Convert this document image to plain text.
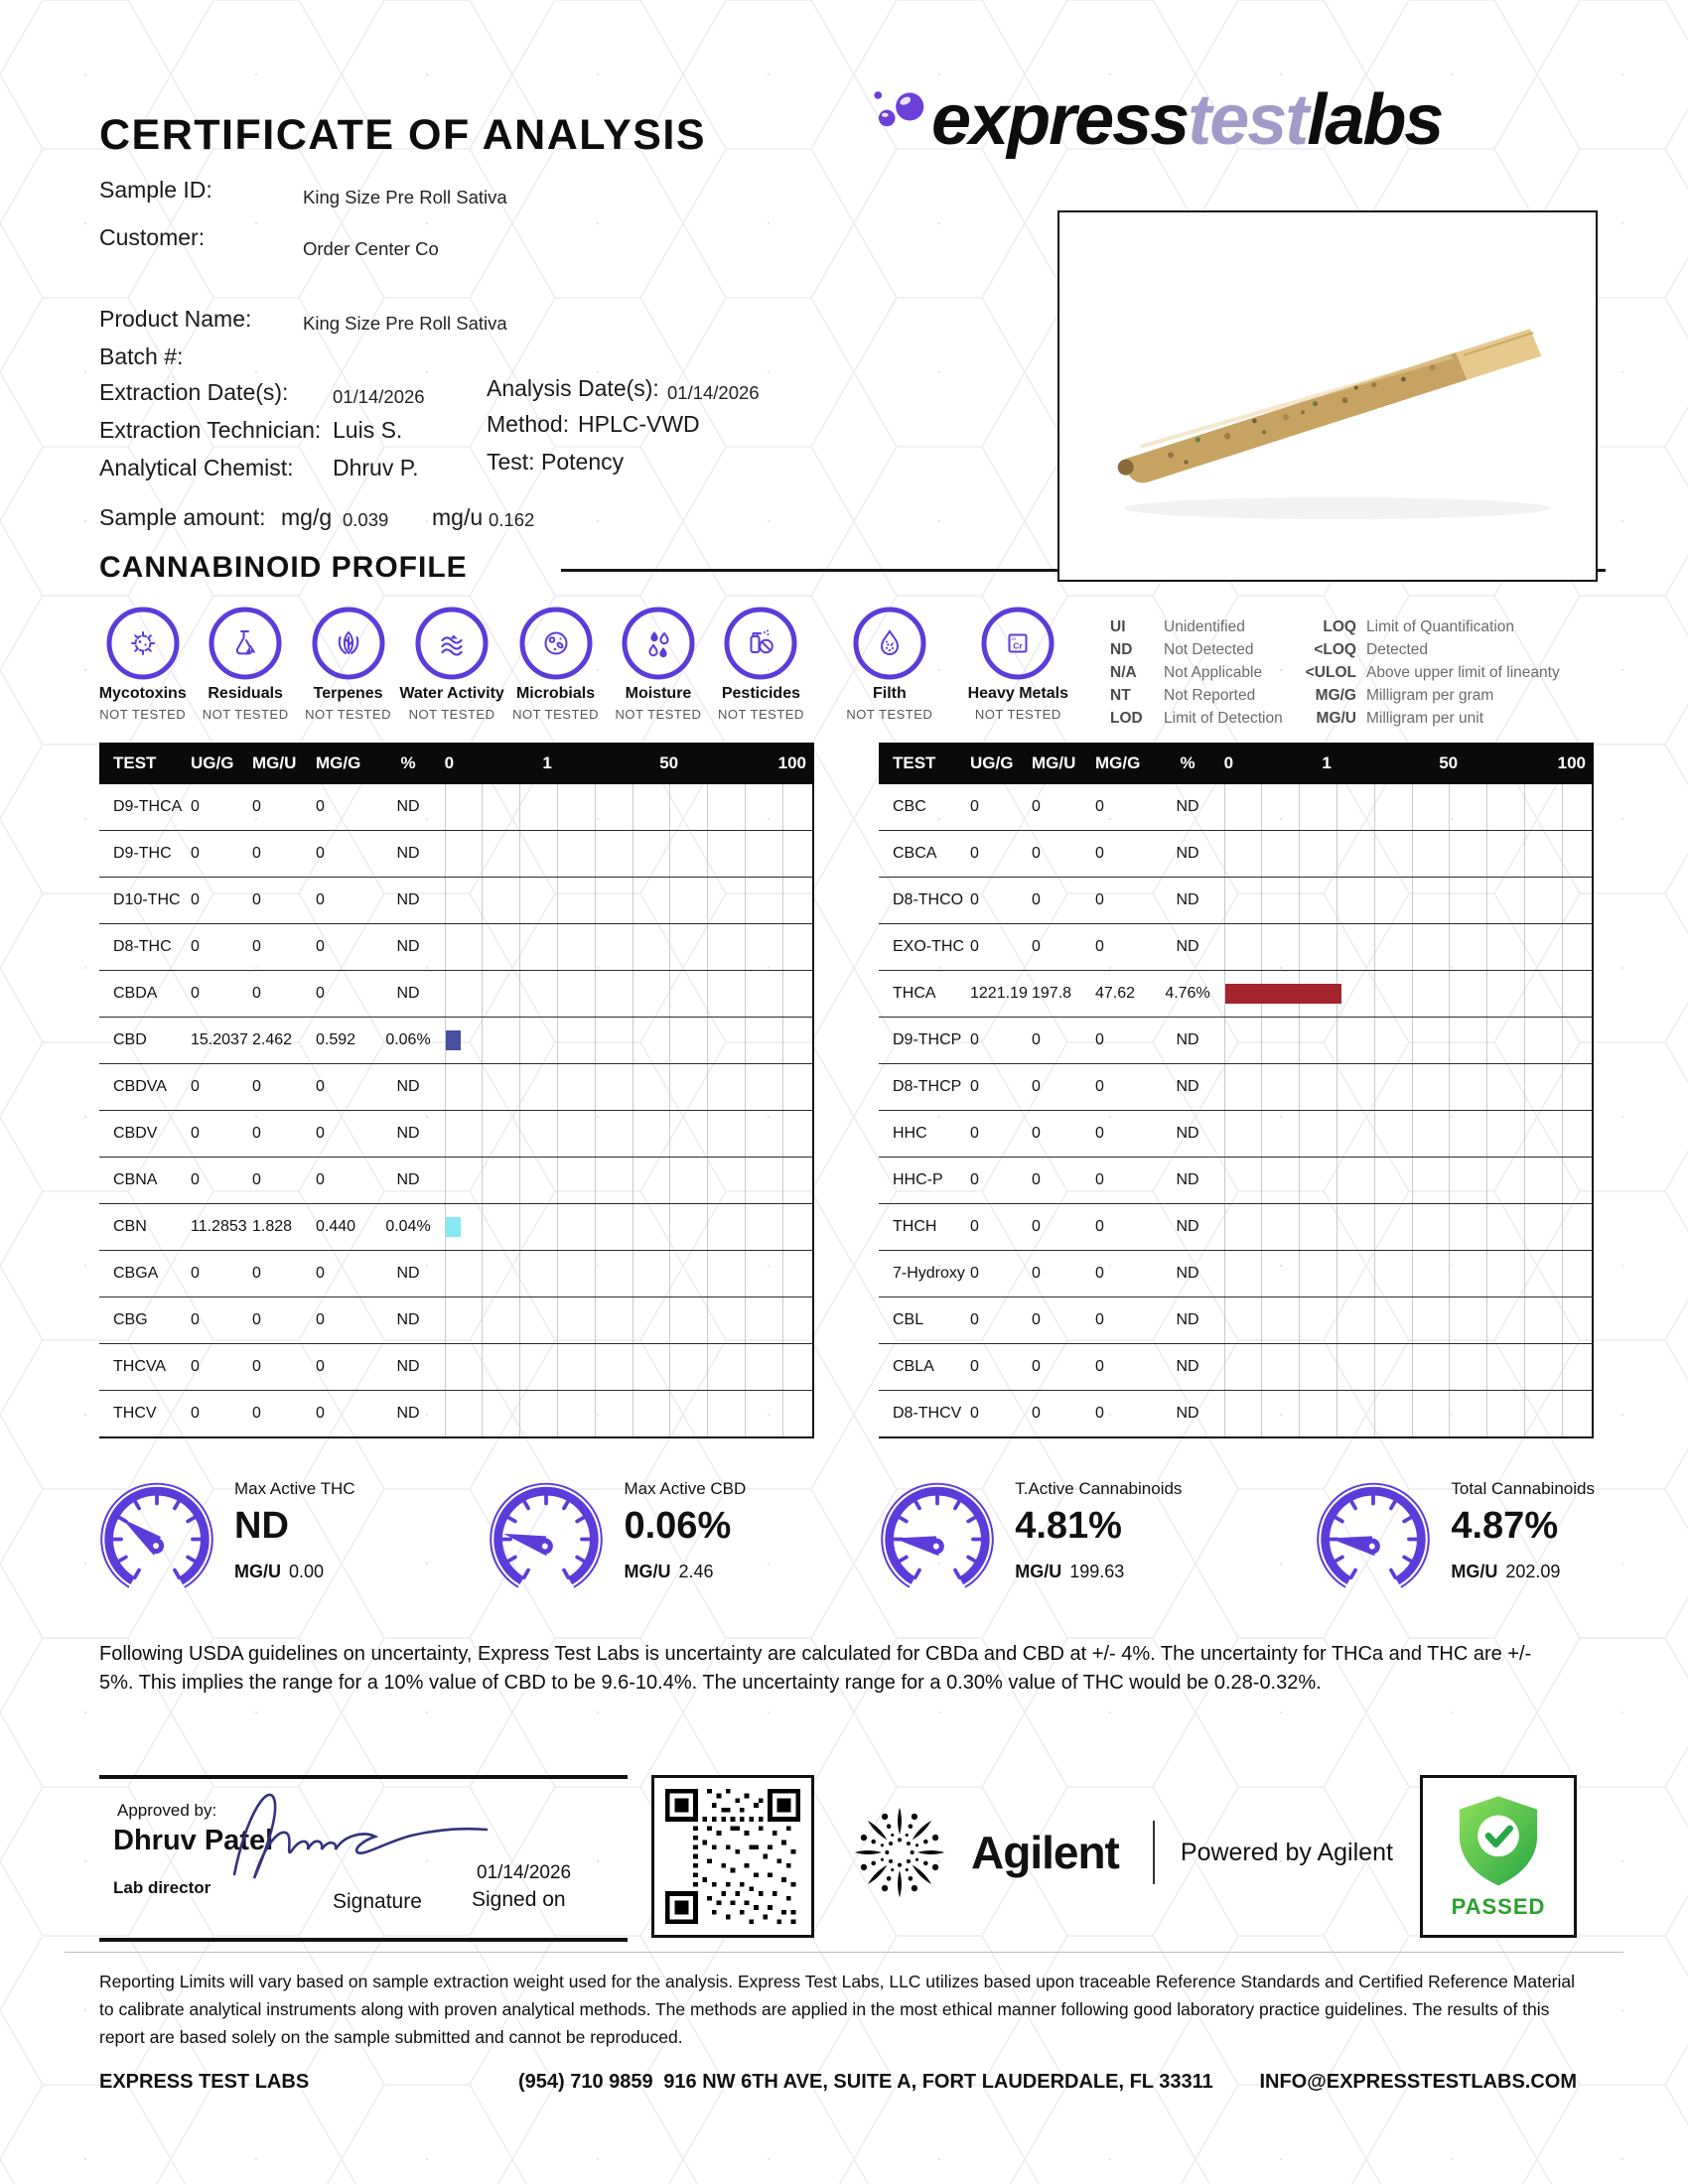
CERTIFICATE OF ANALYSIS	express test labs
Sample ID:	King Size Pre Roll Sativa
Customer:	Order Center Co
Product Name:	King Size Pre Roll Sativa
Batch #:
Extraction Date(s): 01/14/2026	Analysis Date(s): 01/14/2026
Extraction Technician: Luis S.	Method: HPLC-VWD
Analytical Chemist: Dhruv P.	Test: Potency
Sample amount: mg/g 0.039 mg/u 0.162
CANNABINOID PROFILE
Mycotoxins
NOT TESTED
!
Residuals
NOT TESTED
Terpenes
NOT TESTED
Water Activity
NOT TESTED
Microbials
NOT TESTED
Moisture
NOT TESTED
Pesticides
NOT TESTED
Filth
NOT TESTED
24
Cr
Heavy Metals
NOT TESTED
UI	Unidentified
ND	Not Detected
N/A	Not Applicable
NT	Not Reported
LOD	Limit of Detection
LOQ Limit of Quantification
<LOQ Detected
<ULOL Above upper limit of lineanty
MG/G Milligram per gram
MG/U Milligram per unit
TEST	UG/G	MG/U	MG/G	%	0	1	50	100
D9-THCA 0	0	0	ND
D9-THC	0	0	0	ND
D10-THC 0	0	0	ND
D8-THC	0	0	0	ND
CBDA	0	0	0	ND
CBD	15.2037 2.462	0.592	0.06%
CBDVA	0	0	0	ND
CBDV	0	0	0	ND
CBNA	0	0	0	ND
CBN	11.2853 1.828	0.440	0.04%
CBGA	0	0	0	ND
CBG	0	0	0	ND
THCVA	0	0	0	ND
THCV	0	0	0	ND
TEST	UG/G	MG/U	MG/G	%	0	1	50	100
CBC	0	0	0	ND
CBCA	0	0	0	ND
D8-THCO 0	0	0	ND
EXO-THC 0	0	0	ND
THCA	1221.19 197.8	47.62	4.76%
D9-THCP 0	0	0	ND
D8-THCP 0	0	0	ND
HHC	0	0	0	ND
HHC-P	0	0	0	ND
THCH	0	0	0	ND
7-Hydroxy 0	0	0	ND
CBL	0	0	0	ND
CBLA	0	0	0	ND
D8-THCV 0	0	0	ND
Max Active THC
ND
MG/U 0.00
Max Active CBD
0.06%
MG/U 2.46
T.Active Cannabinoids
4.81%
MG/U 199.63
Total Cannabinoids
4.87%
MG/U 202.09
Following USDA guidelines on uncertainty, Express Test Labs is uncertainty are calculated for CBDa and CBD at +/- 4%. The uncertainty for THCa and THC are +/- 5%. This implies the range for a 10% value of CBD to be 9.6-10.4%. The uncertainty range for a 0.30% value of THC would be 0.28-0.32%.
Approved by:
Dhruv Patel
Lab director
Signature
01/14/2026
Signed on
Agilent Powered by Agilent
PASSED
Reporting Limits will vary based on sample extraction weight used for the analysis. Express Test Labs, LLC utilizes based upon traceable Reference Standards and Certified Reference Material to calibrate analytical instruments along with proven analytical methods. The methods are applied in the most ethical manner following good laboratory practice guidelines. The results of this report are based solely on the sample submitted and cannot be reproduced.
EXPRESS TEST LABS	(954) 710 9859 916 NW 6TH AVE, SUITE A, FORT LAUDERDALE, FL 33311	INFO@EXPRESSTESTLABS.COM
